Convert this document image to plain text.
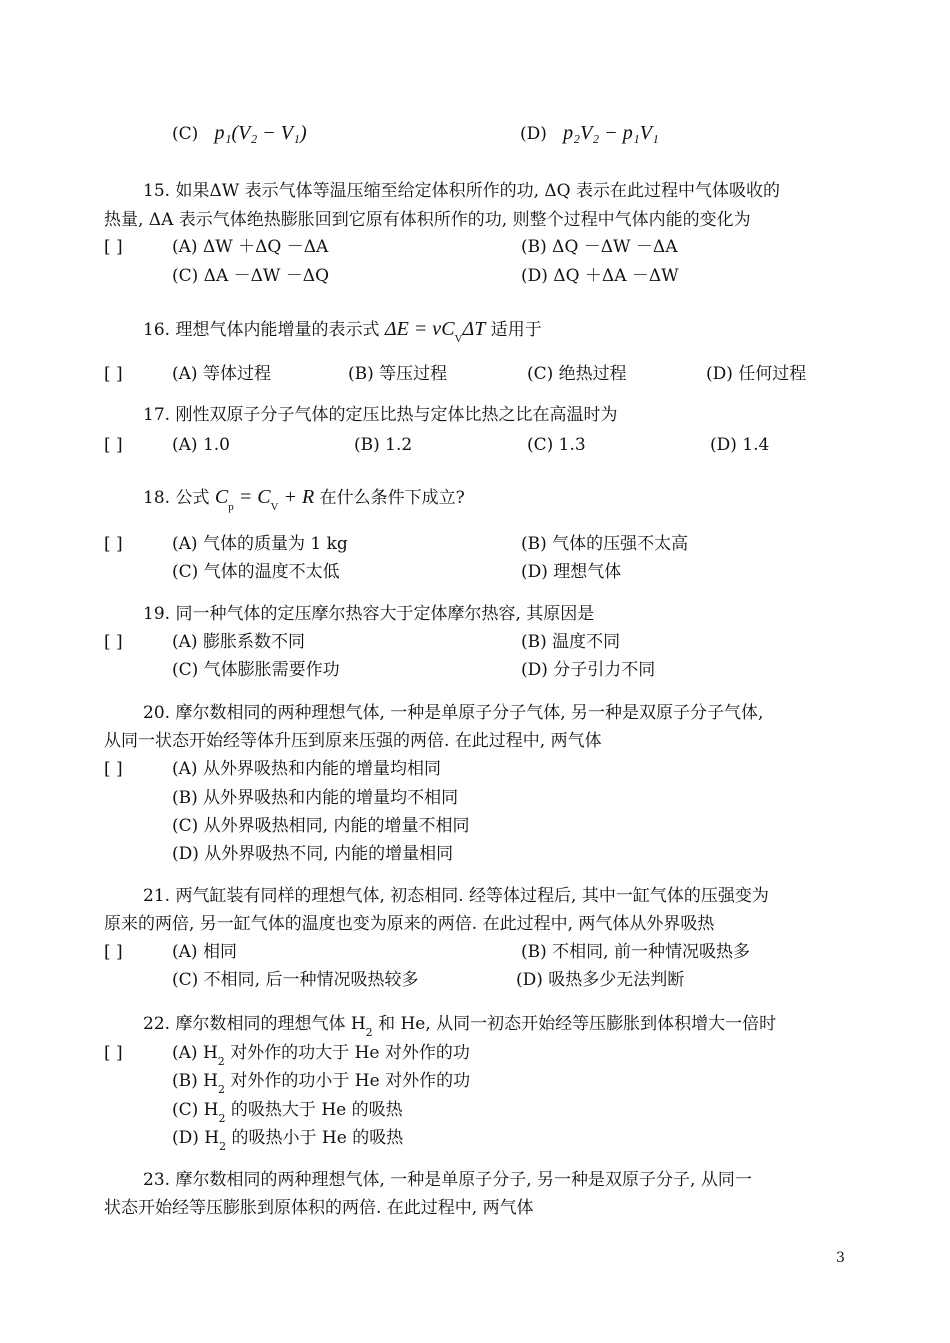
(C) p₁(V₂ − V₁)	(D) p₂V₂ − p₁V₁
15. 如果ΔW 表示气体等温压缩至给定体积所作的功, ΔQ 表示在此过程中气体吸收的
热量, ΔA 表示气体绝热膨胀回到它原有体积所作的功, 则整个过程中气体内能的变化为
[ ]	(A) ΔW ＋ΔQ －ΔA	(B) ΔQ －ΔW －ΔA
(C) ΔA －ΔW －ΔQ	(D) ΔQ ＋ΔA －ΔW
16. 理想气体内能增量的表示式 $\Delta E = \nu C_V\Delta T$ 适用于
[ ]	(A) 等体过程	(B) 等压过程	(C) 绝热过程	(D) 任何过程
17. 刚性双原子分子气体的定压比热与定体比热之比在高温时为
[ ]	(A) 1.0	(B) 1.2	(C) 1.3	(D) 1.4
18. 公式 $C_p = C_V + R$ 在什么条件下成立?
[ ]	(A) 气体的质量为 1 kg	(B) 气体的压强不太高
(C) 气体的温度不太低	(D) 理想气体
19. 同一种气体的定压摩尔热容大于定体摩尔热容, 其原因是
[ ]	(A) 膨胀系数不同	(B) 温度不同
(C) 气体膨胀需要作功	(D) 分子引力不同
20. 摩尔数相同的两种理想气体, 一种是单原子分子气体, 另一种是双原子分子气体,
从同一状态开始经等体升压到原来压强的两倍. 在此过程中, 两气体
[ ]	(A) 从外界吸热和内能的增量均相同
(B) 从外界吸热和内能的增量均不相同
(C) 从外界吸热相同, 内能的增量不相同
(D) 从外界吸热不同, 内能的增量相同
21. 两气缸装有同样的理想气体, 初态相同. 经等体过程后, 其中一缸气体的压强变为
原来的两倍, 另一缸气体的温度也变为原来的两倍. 在此过程中, 两气体从外界吸热
[ ]	(A) 相同	(B) 不相同, 前一种情况吸热多
(C) 不相同, 后一种情况吸热较多	(D) 吸热多少无法判断
22. 摩尔数相同的理想气体 $H_2$ 和 He, 从同一初态开始经等压膨胀到体积增大一倍时
[ ]	(A) $H_2$ 对外作的功大于 He 对外作的功
(B) $H_2$ 对外作的功小于 He 对外作的功
(C) $H_2$ 的吸热大于 He 的吸热
(D) $H_2$ 的吸热小于 He 的吸热
23. 摩尔数相同的两种理想气体, 一种是单原子分子, 另一种是双原子分子, 从同一
状态开始经等压膨胀到原体积的两倍. 在此过程中, 两气体
3
